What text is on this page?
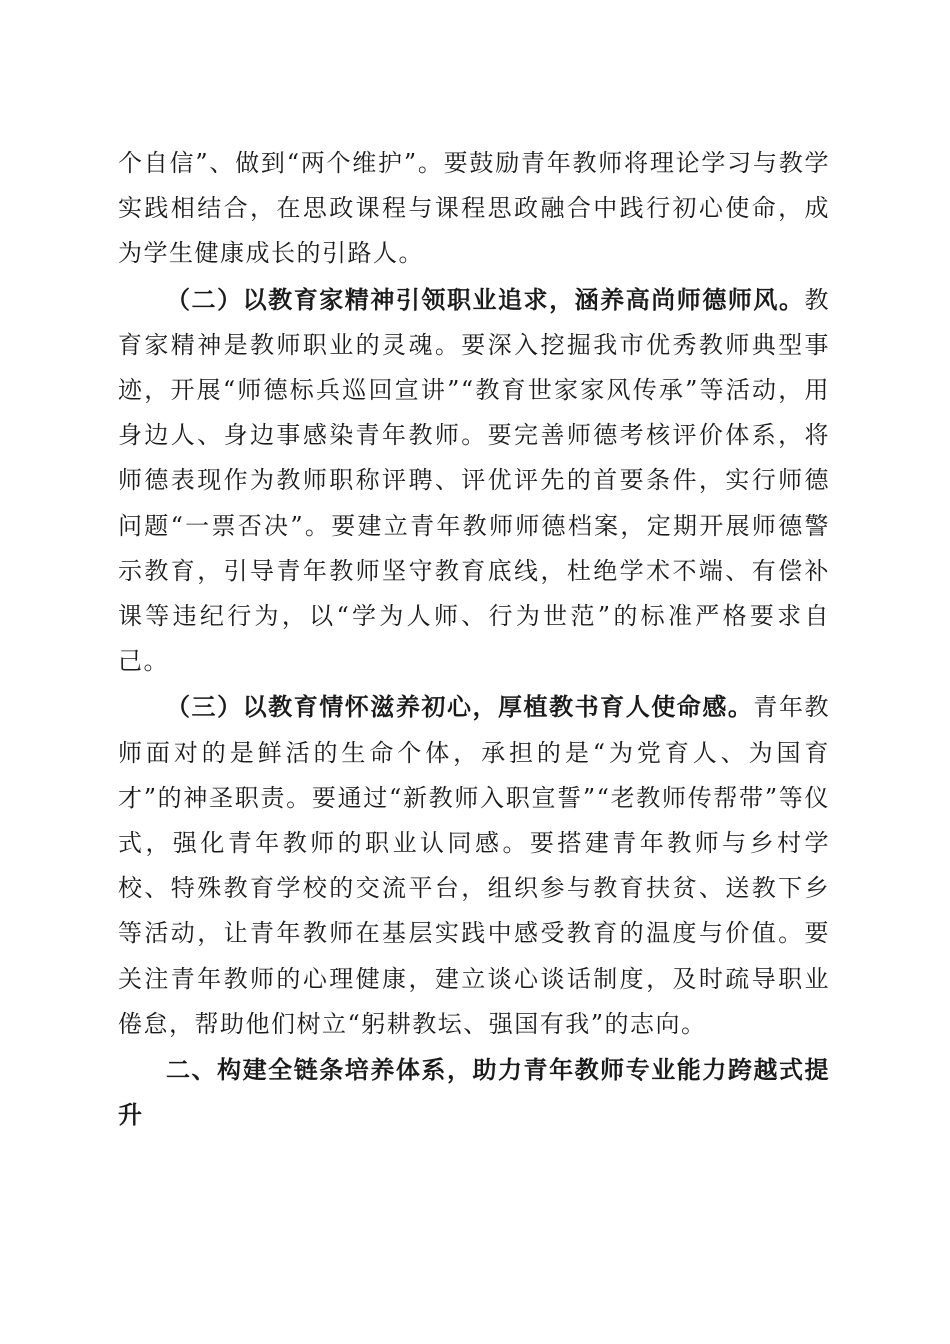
个自信”、做到“两个维护”。要鼓励青年教师将理论学习与教学实践相结合，在思政课程与课程思政融合中践行初心使命，成为学生健康成长的引路人。

（二）以教育家精神引领职业追求，涵养高尚师德师风。教育家精神是教师职业的灵魂。要深入挖掘我市优秀教师典型事迹，开展“师德标兵巡回宣讲”“教育世家家风传承”等活动，用身边人、身边事感染青年教师。要完善师德考核评价体系，将师德表现作为教师职称评聘、评优评先的首要条件，实行师德问题“一票否决”。要建立青年教师师德档案，定期开展师德警示教育，引导青年教师坚守教育底线，杜绝学术不端、有偿补课等违纪行为，以“学为人师、行为世范”的标准严格要求自己。

（三）以教育情怀滋养初心，厚植教书育人使命感。青年教师面对的是鲜活的生命个体，承担的是“为党育人、为国育才”的神圣职责。要通过“新教师入职宣誓”“老教师传帮带”等仪式，强化青年教师的职业认同感。要搭建青年教师与乡村学校、特殊教育学校的交流平台，组织参与教育扶贫、送教下乡等活动，让青年教师在基层实践中感受教育的温度与价值。要关注青年教师的心理健康，建立谈心谈话制度，及时疏导职业倦怠，帮助他们树立“躬耕教坛、强国有我”的志向。

二、构建全链条培养体系，助力青年教师专业能力跨越式提升
